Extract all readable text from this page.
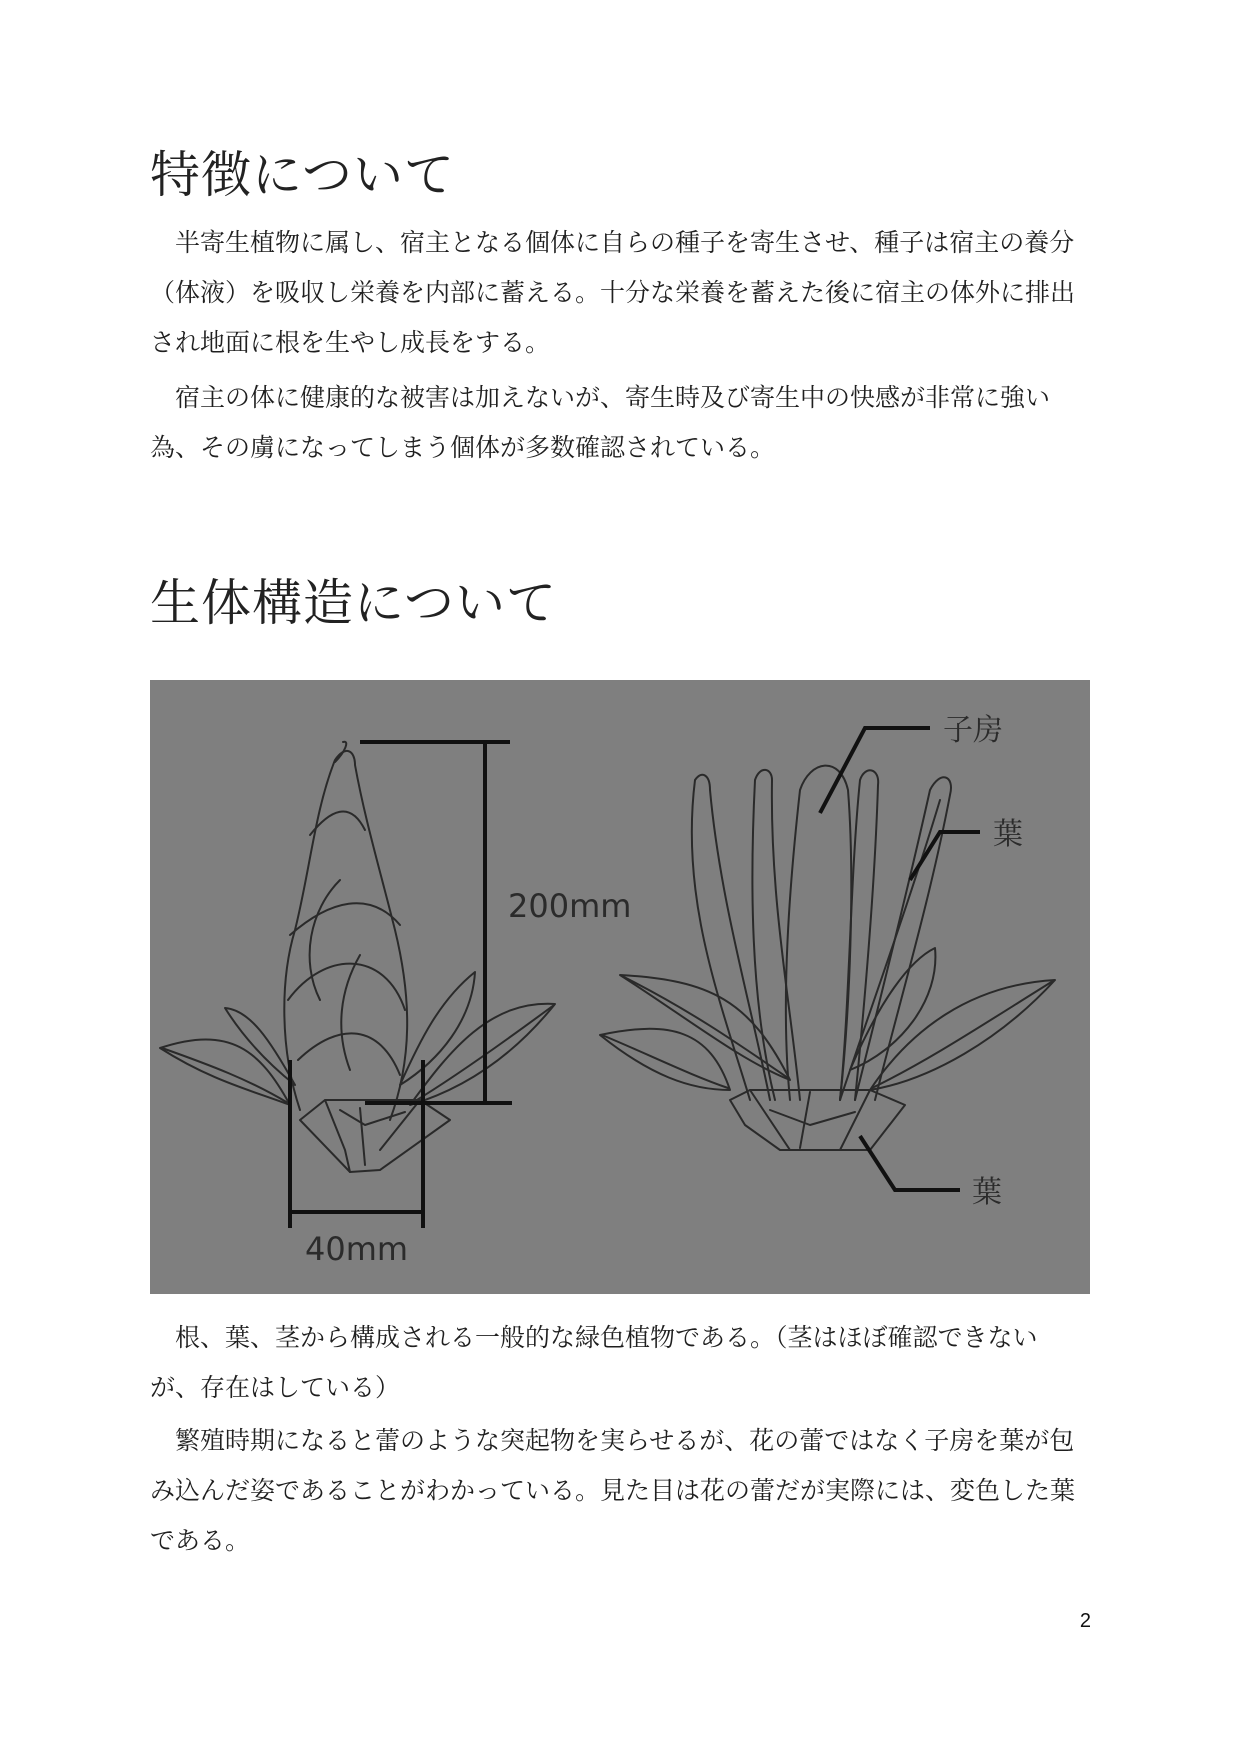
特徴について

半寄生植物に属し、宿主となる個体に自らの種子を寄生させ、種子は宿主の養分（体液）を吸収し栄養を内部に蓄える。十分な栄養を蓄えた後に宿主の体外に排出され地面に根を生やし成長をする。

宿主の体に健康的な被害は加えないが、寄生時及び寄生中の快感が非常に強い為、その虜になってしまう個体が多数確認されている。

生体構造について
200mm
40mm
子房
葉
葉

根、葉、茎から構成される一般的な緑色植物である。（茎はほぼ確認できないが、存在はしている）

繁殖時期になると蕾のような突起物を実らせるが、花の蕾ではなく子房を葉が包み込んだ姿であることがわかっている。見た目は花の蕾だが実際には、変色した葉である。

2
